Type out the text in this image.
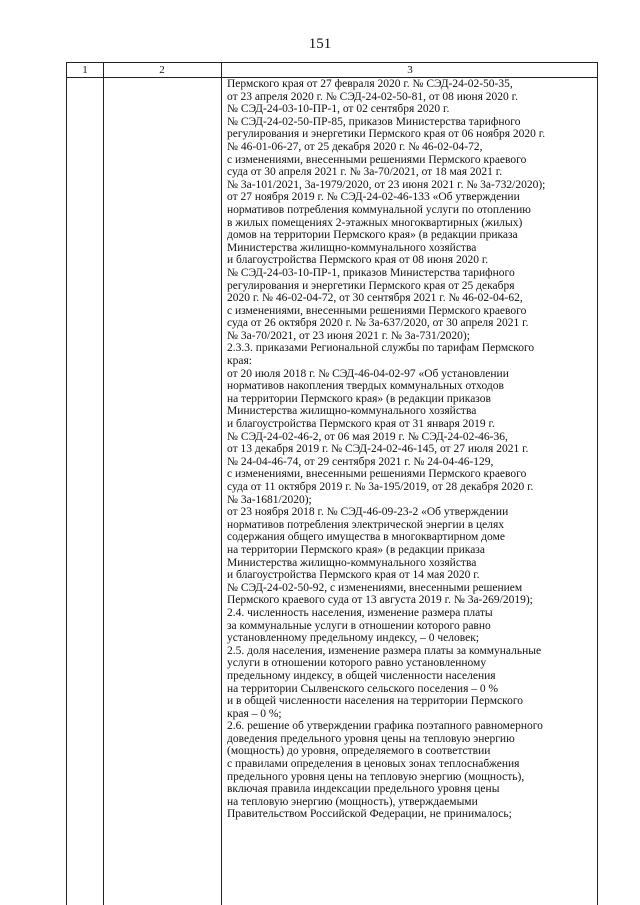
151
1	2	3
Пермского края от 27 февраля 2020 г. № СЭД-24-02-50-35,
от 23 апреля 2020 г. № СЭД-24-02-50-81, от 08 июня 2020 г.
№ СЭД-24-03-10-ПР-1, от 02 сентября 2020 г.
№ СЭД-24-02-50-ПР-85, приказов Министерства тарифного
регулирования и энергетики Пермского края от 06 ноября 2020 г.
№ 46-01-06-27, от 25 декабря 2020 г. № 46-02-04-72,
с изменениями, внесенными решениями Пермского краевого
суда от 30 апреля 2021 г. № 3а-70/2021, от 18 мая 2021 г.
№ 3а-101/2021, 3а-1979/2020, от 23 июня 2021 г. № 3а-732/2020);
от 27 ноября 2019 г. № СЭД-24-02-46-133 «Об утверждении
нормативов потребления коммунальной услуги по отоплению
в жилых помещениях 2-этажных многоквартирных (жилых)
домов на территории Пермского края» (в редакции приказа
Министерства жилищно-коммунального хозяйства
и благоустройства Пермского края от 08 июня 2020 г.
№ СЭД-24-03-10-ПР-1, приказов Министерства тарифного
регулирования и энергетики Пермского края от 25 декабря
2020 г. № 46-02-04-72, от 30 сентября 2021 г. № 46-02-04-62,
с изменениями, внесенными решениями Пермского краевого
суда от 26 октября 2020 г. № 3а-637/2020, от 30 апреля 2021 г.
№ 3а-70/2021, от 23 июня 2021 г. № 3а-731/2020);
2.3.3. приказами Региональной службы по тарифам Пермского
края:
от 20 июля 2018 г. № СЭД-46-04-02-97 «Об установлении
нормативов накопления твердых коммунальных отходов
на территории Пермского края» (в редакции приказов
Министерства жилищно-коммунального хозяйства
и благоустройства Пермского края от 31 января 2019 г.
№ СЭД-24-02-46-2, от 06 мая 2019 г. № СЭД-24-02-46-36,
от 13 декабря 2019 г. № СЭД-24-02-46-145, от 27 июля 2021 г.
№ 24-04-46-74, от 29 сентября 2021 г. № 24-04-46-129,
с изменениями, внесенными решениями Пермского краевого
суда от 11 октября 2019 г. № 3а-195/2019, от 28 декабря 2020 г.
№ 3а-1681/2020);
от 23 ноября 2018 г. № СЭД-46-09-23-2 «Об утверждении
нормативов потребления электрической энергии в целях
содержания общего имущества в многоквартирном доме
на территории Пермского края» (в редакции приказа
Министерства жилищно-коммунального хозяйства
и благоустройства Пермского края от 14 мая 2020 г.
№ СЭД-24-02-50-92, с изменениями, внесенными решением
Пермского краевого суда от 13 августа 2019 г. № 3а-269/2019);
2.4. численность населения, изменение размера платы
за коммунальные услуги в отношении которого равно
установленному предельному индексу, – 0 человек;
2.5. доля населения, изменение размера платы за коммунальные
услуги в отношении которого равно установленному
предельному индексу, в общей численности населения
на территории Сылвенского сельского поселения – 0 %
и в общей численности населения на территории Пермского
края – 0 %;
2.6. решение об утверждении графика поэтапного равномерного
доведения предельного уровня цены на тепловую энергию
(мощность) до уровня, определяемого в соответствии
с правилами определения в ценовых зонах теплоснабжения
предельного уровня цены на тепловую энергию (мощность),
включая правила индексации предельного уровня цены
на тепловую энергию (мощность), утверждаемыми
Правительством Российской Федерации, не принималось;
